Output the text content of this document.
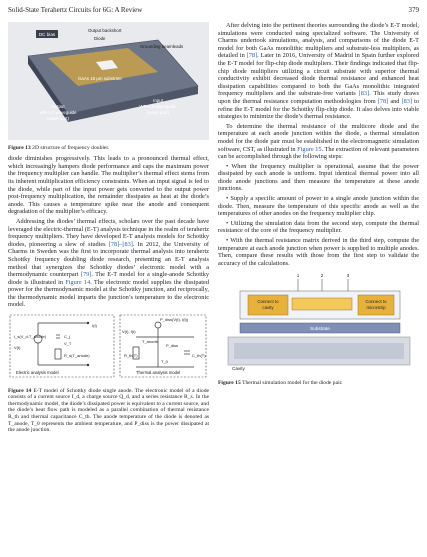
Solid-State Terahertz Circuits for 6G: A Review	379
DC bias
Output backshort
Diode
Grounding beamleads
GaAs 15 μm substrate
Output
WR-1.2 waveguide
(wave port)
Input
WR-2.8 waveguide
(wave port)
Figure 13 2D structure of frequency doubler.

diode diminishes progressively. This leads to a pronounced thermal effect, which increasingly hampers diode performance and caps the maximum power the frequency multiplier can handle. The multiplier’s thermal effect stems from its inherent multiplication efficiency constraints. When an input signal is fed to the diode, while part of the input power gets converted to the output power post-frequency multiplication, the remainder dissipates as heat at the diode’s anode. This causes a temperature spike near the anode and consequent degradation of the multiplier’s efficacy.

Addressing the diodes’ thermal effects, scholars over the past decade have leveraged the electric-thermal (E-T) analysis technique in the realm of terahertz frequency multipliers. They have developed E-T analysis models for Schottky diodes, pioneering a slew of studies [78]–[83]. In 2012, the University of Charms in Sweden was the first to incorporate thermal analysis into terahertz Schottky frequency doubling diode research, presenting an E-T analysis method that synergizes the Schottky diodes’ electronic model with a thermodynamic counterpart [79]. The E-T model for a single-anode Schottky diode is illustrated in Figure 14. The electronic model supplies the dissipated power for the thermodynamic model at the Schottky junction, and reciprocally, the thermodynamic model imparts the junction’s temperature to the electronic model.

I_s(V_d,T_anode)	C_j
V_T
R_s(T_anode)
V(t)
I(t)
Electric analysis model
P_diss(V(t), I(t))
V(t), I(t)
T_anode
R_th(T)	C_th(T)
T_0
P_diss
Thermal analysis model
Figure 14 E-T model of Schottky diode single anode. The electronic model of a diode consists of a current source I_d, a charge source Q_d, and a series resistance R_s. In the thermodynamic model, the diode’s dissipated power is equivalent to a current source, and the diode’s heat flow path is modeled as a parallel combination of thermal resistance R_th and thermal capacitance C_th. The anode temperature of the diode is denoted as T_anode, T_0 represents the ambient temperature, and P_diss is the power dissipated at the anode junction.

After delving into the pertinent theories surrounding the diode’s E-T model, simulations were conducted using specialized software. The University of Charms undertook simulations, analysis, and comparisons of the diode E-T model for both GaAs monolithic multipliers and substrate-less multipliers, as detailed in [78]. Later in 2016, University of Madrid in Spain further explored the E-T model for flip-chip diode multipliers. Their findings indicated that flip-chip diode multipliers utilizing a circuit substrate with superior thermal conductivity exhibit decreased diode thermal resistance and enhanced heat dissipation capabilities compared to both the GaAs monolithic integrated frequency multipliers and the substrate-free variants [83]. This study draws upon the thermal resistance computation methodologies from [78] and [83] to refine the E-T model for the Schottky flip-chip diode. It also delves into viable strategies to minimize the diode’s thermal resistance.

To determine the thermal resistance of the multicore diode and the temperature at each anode junction within the diode, a thermal simulation model for the diode pair must be established in the electromagnetic simulation software, CST, as illustrated in Figure 15. The extraction of relevant parameters can be accomplished through the following steps:

• When the frequency multiplier is operational, assume that the power dissipated by each anode is uniform. Input identical thermal power into all diode anode junctions and then measure the temperature at these anode junctions.

• Supply a specific amount of power to a single anode junction within the diode. Then, measure the temperature of this specific anode as well as the temperatures of other anodes on the frequency multiplier chip.

• Utilizing the simulation data from the second step, compute the thermal resistance of the core of the frequency multiplier.

• With the thermal resistance matrix derived in the third step, compute the temperature at each anode junction when power is supplied to multiple anodes. Then, compare these results with those from the first step to validate the accuracy of the calculations.

1	2	3
Connect to
cavity
Connect to
microstrip
Substrate
Cavity
Figure 15 Thermal simulation model for the diode pair.
